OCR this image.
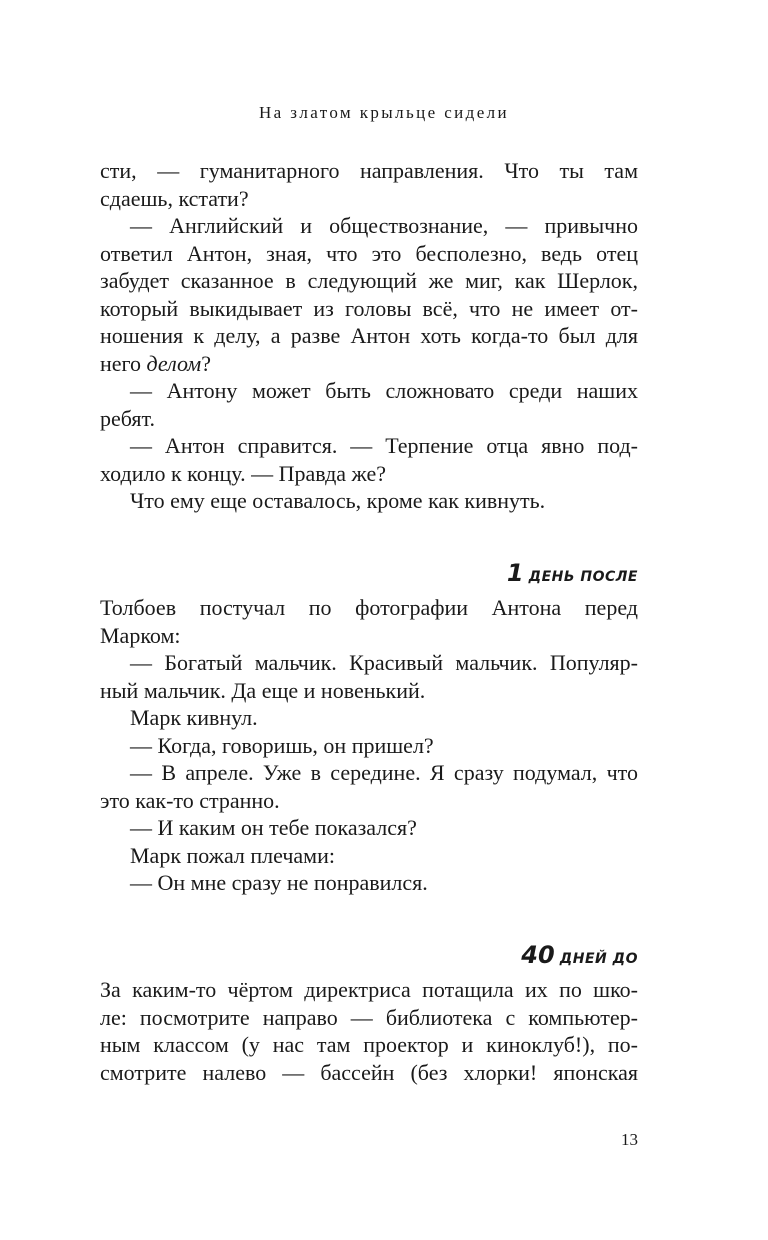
На златом крыльце сидели
сти, — гуманитарного направления. Что ты там
сдаешь, кстати?
— Английский и обществознание, — привычно
ответил Антон, зная, что это бесполезно, ведь отец
забудет сказанное в следующий же миг, как Шерлок,
который выкидывает из головы всё, что не имеет от-
ношения к делу, а разве Антон хоть когда-то был для
него делом?
— Антону может быть сложновато среди наших
ребят.
— Антон справится. — Терпение отца явно под-
ходило к концу. — Правда же?
Что ему еще оставалось, кроме как кивнуть.
1 ДЕНЬ ПОСЛЕ
Толбоев постучал по фотографии Антона перед
Марком:
— Богатый мальчик. Красивый мальчик. Популяр-
ный мальчик. Да еще и новенький.
Марк кивнул.
— Когда, говоришь, он пришел?
— В апреле. Уже в середине. Я сразу подумал, что
это как-то странно.
— И каким он тебе показался?
Марк пожал плечами:
— Он мне сразу не понравился.
40 ДНЕЙ ДО
За каким-то чёртом директриса потащила их по шко-
ле: посмотрите направо — библиотека с компьютер-
ным классом (у нас там проектор и киноклуб!), по-
смотрите налево — бассейн (без хлорки! японская
13
